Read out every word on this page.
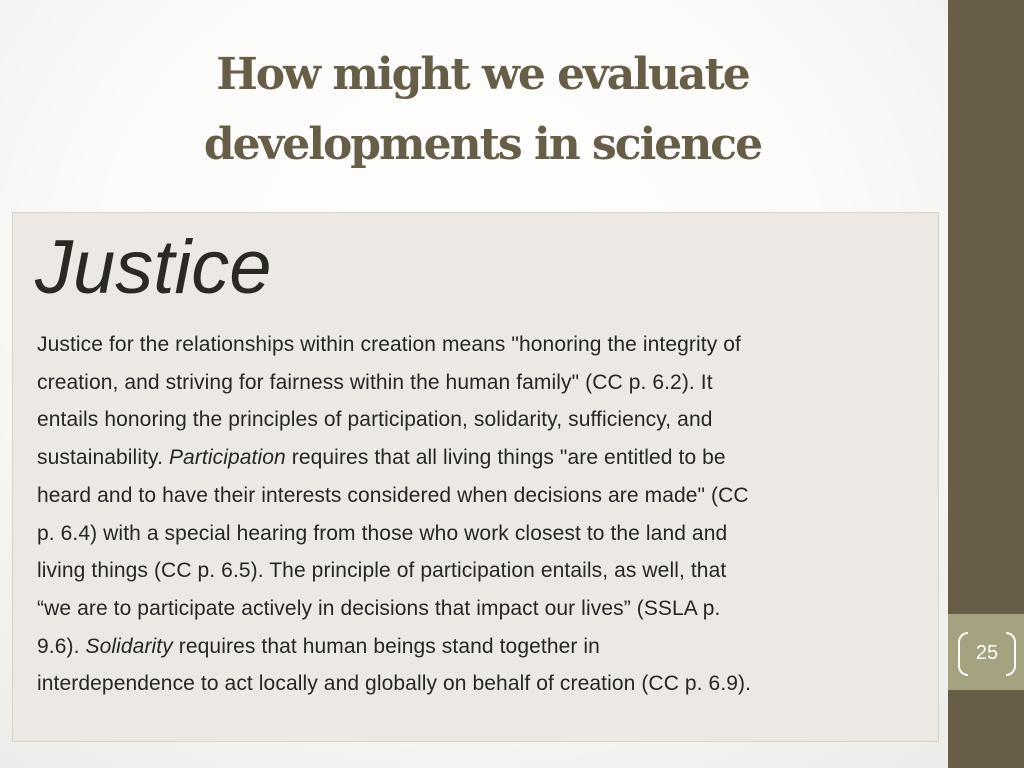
25
How might we evaluate
developments in science
Justice

Justice for the relationships within creation means "honoring the integrity of
creation, and striving for fairness within the human family" (CC p. 6.2). It
entails honoring the principles of participation, solidarity, sufficiency, and
sustainability. Participation requires that all living things "are entitled to be
heard and to have their interests considered when decisions are made" (CC
p. 6.4) with a special hearing from those who work closest to the land and
living things (CC p. 6.5). The principle of participation entails, as well, that
“we are to participate actively in decisions that impact our lives” (SSLA p.
9.6). Solidarity requires that human beings stand together in
interdependence to act locally and globally on behalf of creation (CC p. 6.9).
